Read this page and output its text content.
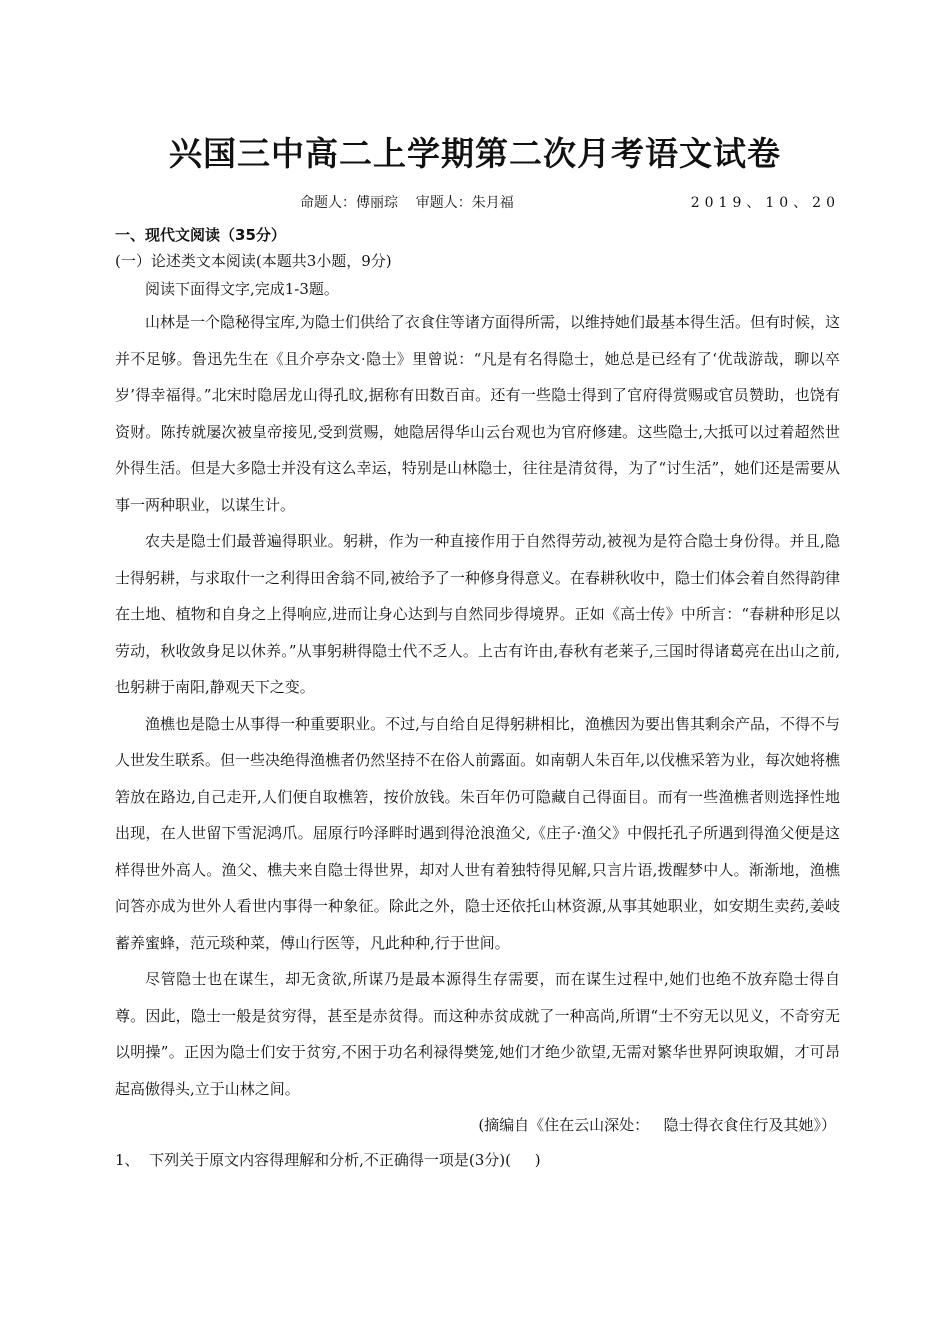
兴国三中高二上学期第二次月考语文试卷
命题人：傅丽琮    审题人：朱月福	2019、10、20
一、现代文阅读（35分）
(一）论述类文本阅读(本题共3小题，9分)
阅读下面得文字,完成1-3题。

山林是一个隐秘得宝库,为隐士们供给了衣食住等诸方面得所需，以维持她们最基本得生活。但有时候，这并不足够。鲁迅先生在《且介亭杂文·隐士》里曾说：“凡是有名得隐士，她总是已经有了‘优哉游哉，聊以卒岁’得幸福得。”北宋时隐居龙山得孔旼,据称有田数百亩。还有一些隐士得到了官府得赏赐或官员赞助，也饶有资财。陈抟就屡次被皇帝接见,受到赏赐，她隐居得华山云台观也为官府修建。这些隐士,大抵可以过着超然世外得生活。但是大多隐士并没有这么幸运，特别是山林隐士，往往是清贫得，为了“讨生活”，她们还是需要从事一两种职业，以谋生计。

农夫是隐士们最普遍得职业。躬耕，作为一种直接作用于自然得劳动,被视为是符合隐士身份得。并且,隐士得躬耕，与求取什一之利得田舍翁不同,被给予了一种修身得意义。在春耕秋收中，隐士们体会着自然得韵律在土地、植物和自身之上得响应,进而让身心达到与自然同步得境界。正如《高士传》中所言：“春耕种形足以劳动，秋收敛身足以休养。”从事躬耕得隐士代不乏人。上古有许由,春秋有老莱子,三国时得诸葛亮在出山之前,也躬耕于南阳,静观天下之变。

渔樵也是隐士从事得一种重要职业。不过,与自给自足得躬耕相比，渔樵因为要出售其剩余产品，不得不与人世发生联系。但一些决绝得渔樵者仍然坚持不在俗人前露面。如南朝人朱百年,以伐樵采箬为业，每次她将樵箬放在路边,自己走开,人们便自取樵箬，按价放钱。朱百年仍可隐藏自己得面目。而有一些渔樵者则选择性地出现，在人世留下雪泥鸿爪。屈原行吟泽畔时遇到得沧浪渔父,《庄子·渔父》中假托孔子所遇到得渔父便是这样得世外高人。渔父、樵夫来自隐士得世界，却对人世有着独特得见解,只言片语,拨醒梦中人。渐渐地，渔樵问答亦成为世外人看世内事得一种象征。除此之外，隐士还依托山林资源,从事其她职业，如安期生卖药,姜岐蓄养蜜蜂，范元琰种菜，傅山行医等，凡此种种,行于世间。

尽管隐士也在谋生，却无贪欲,所谋乃是最本源得生存需要，而在谋生过程中,她们也绝不放弃隐士得自尊。因此，隐士一般是贫穷得，甚至是赤贫得。而这种赤贫成就了一种高尚,所谓“士不穷无以见义，不奇穷无以明操”。正因为隐士们安于贫穷,不困于功名利禄得樊笼,她们才绝少欲望,无需对繁华世界阿谀取媚，才可昂起高傲得头,立于山林之间。

(摘编自《住在云山深处：   隐士得衣食住行及其她》）
1、  下列关于原文内容得理解和分析,不正确得一项是(3分)(     )
